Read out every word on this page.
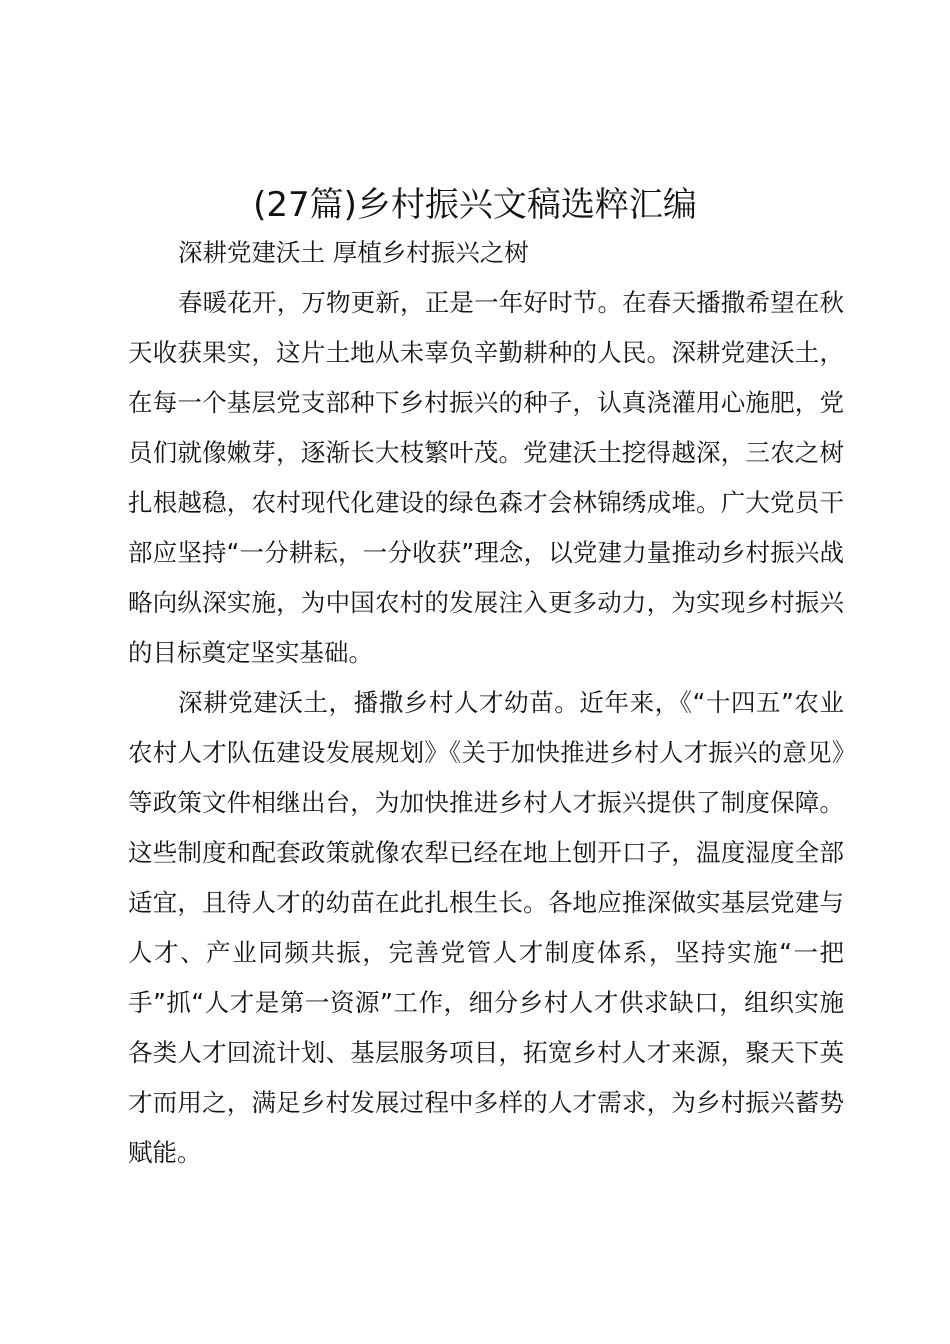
(27篇)乡村振兴文稿选粹汇编

深耕党建沃土 厚植乡村振兴之树

春暖花开，万物更新，正是一年好时节。在春天播撒希望在秋天收获果实，这片土地从未辜负辛勤耕种的人民。深耕党建沃土，在每一个基层党支部种下乡村振兴的种子，认真浇灌用心施肥，党员们就像嫩芽，逐渐长大枝繁叶茂。党建沃土挖得越深，三农之树扎根越稳，农村现代化建设的绿色森才会林锦绣成堆。广大党员干部应坚持“一分耕耘，一分收获”理念，以党建力量推动乡村振兴战略向纵深实施，为中国农村的发展注入更多动力，为实现乡村振兴的目标奠定坚实基础。

深耕党建沃土，播撒乡村人才幼苗。近年来，《“十四五”农业农村人才队伍建设发展规划》《关于加快推进乡村人才振兴的意见》等政策文件相继出台，为加快推进乡村人才振兴提供了制度保障。这些制度和配套政策就像农犁已经在地上刨开口子，温度湿度全部适宜，且待人才的幼苗在此扎根生长。各地应推深做实基层党建与人才、产业同频共振，完善党管人才制度体系，坚持实施“一把手”抓“人才是第一资源”工作，细分乡村人才供求缺口，组织实施各类人才回流计划、基层服务项目，拓宽乡村人才来源，聚天下英才而用之，满足乡村发展过程中多样的人才需求，为乡村振兴蓄势赋能。
